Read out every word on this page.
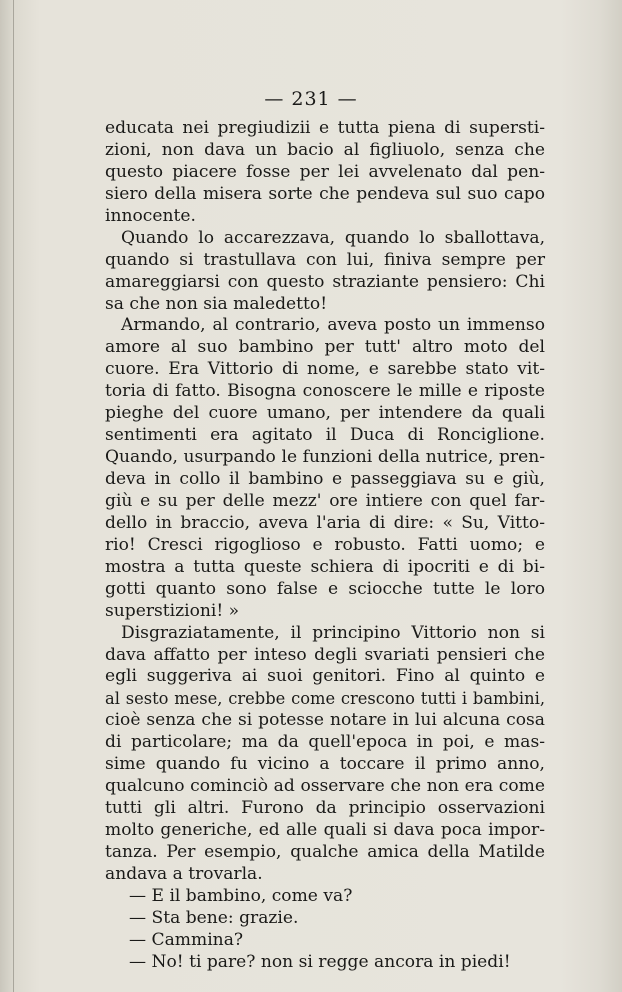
— 231 —

educata nei pregiudizii e tutta piena di supersti-
zioni, non dava un bacio al figliuolo, senza che
questo piacere fosse per lei avvelenato dal pen-
siero della misera sorte che pendeva sul suo capo
innocente.
Quando lo accarezzava, quando lo sballottava,
quando si trastullava con lui, finiva sempre per
amareggiarsi con questo straziante pensiero: Chi
sa che non sia maledetto!
Armando, al contrario, aveva posto un immenso
amore al suo bambino per tutt' altro moto del
cuore. Era Vittorio di nome, e sarebbe stato vit-
toria di fatto. Bisogna conoscere le mille e riposte
pieghe del cuore umano, per intendere da quali
sentimenti era agitato il Duca di Ronciglione.
Quando, usurpando le funzioni della nutrice, pren-
deva in collo il bambino e passeggiava su e giù,
giù e su per delle mezz' ore intiere con quel far-
dello in braccio, aveva l'aria di dire: « Su, Vitto-
rio! Cresci rigoglioso e robusto. Fatti uomo; e
mostra a tutta queste schiera di ipocriti e di bi-
gotti quanto sono false e sciocche tutte le loro
superstizioni! »
Disgraziatamente, il principino Vittorio non si
dava affatto per inteso degli svariati pensieri che
egli suggeriva ai suoi genitori. Fino al quinto e
al sesto mese, crebbe come crescono tutti i bambini,
cioè senza che si potesse notare in lui alcuna cosa
di particolare; ma da quell'epoca in poi, e mas-
sime quando fu vicino a toccare il primo anno,
qualcuno cominciò ad osservare che non era come
tutti gli altri. Furono da principio osservazioni
molto generiche, ed alle quali si dava poca impor-
tanza. Per esempio, qualche amica della Matilde
andava a trovarla.
— E il bambino, come va?
— Sta bene: grazie.
— Cammina?
— No! ti pare? non si regge ancora in piedi!
